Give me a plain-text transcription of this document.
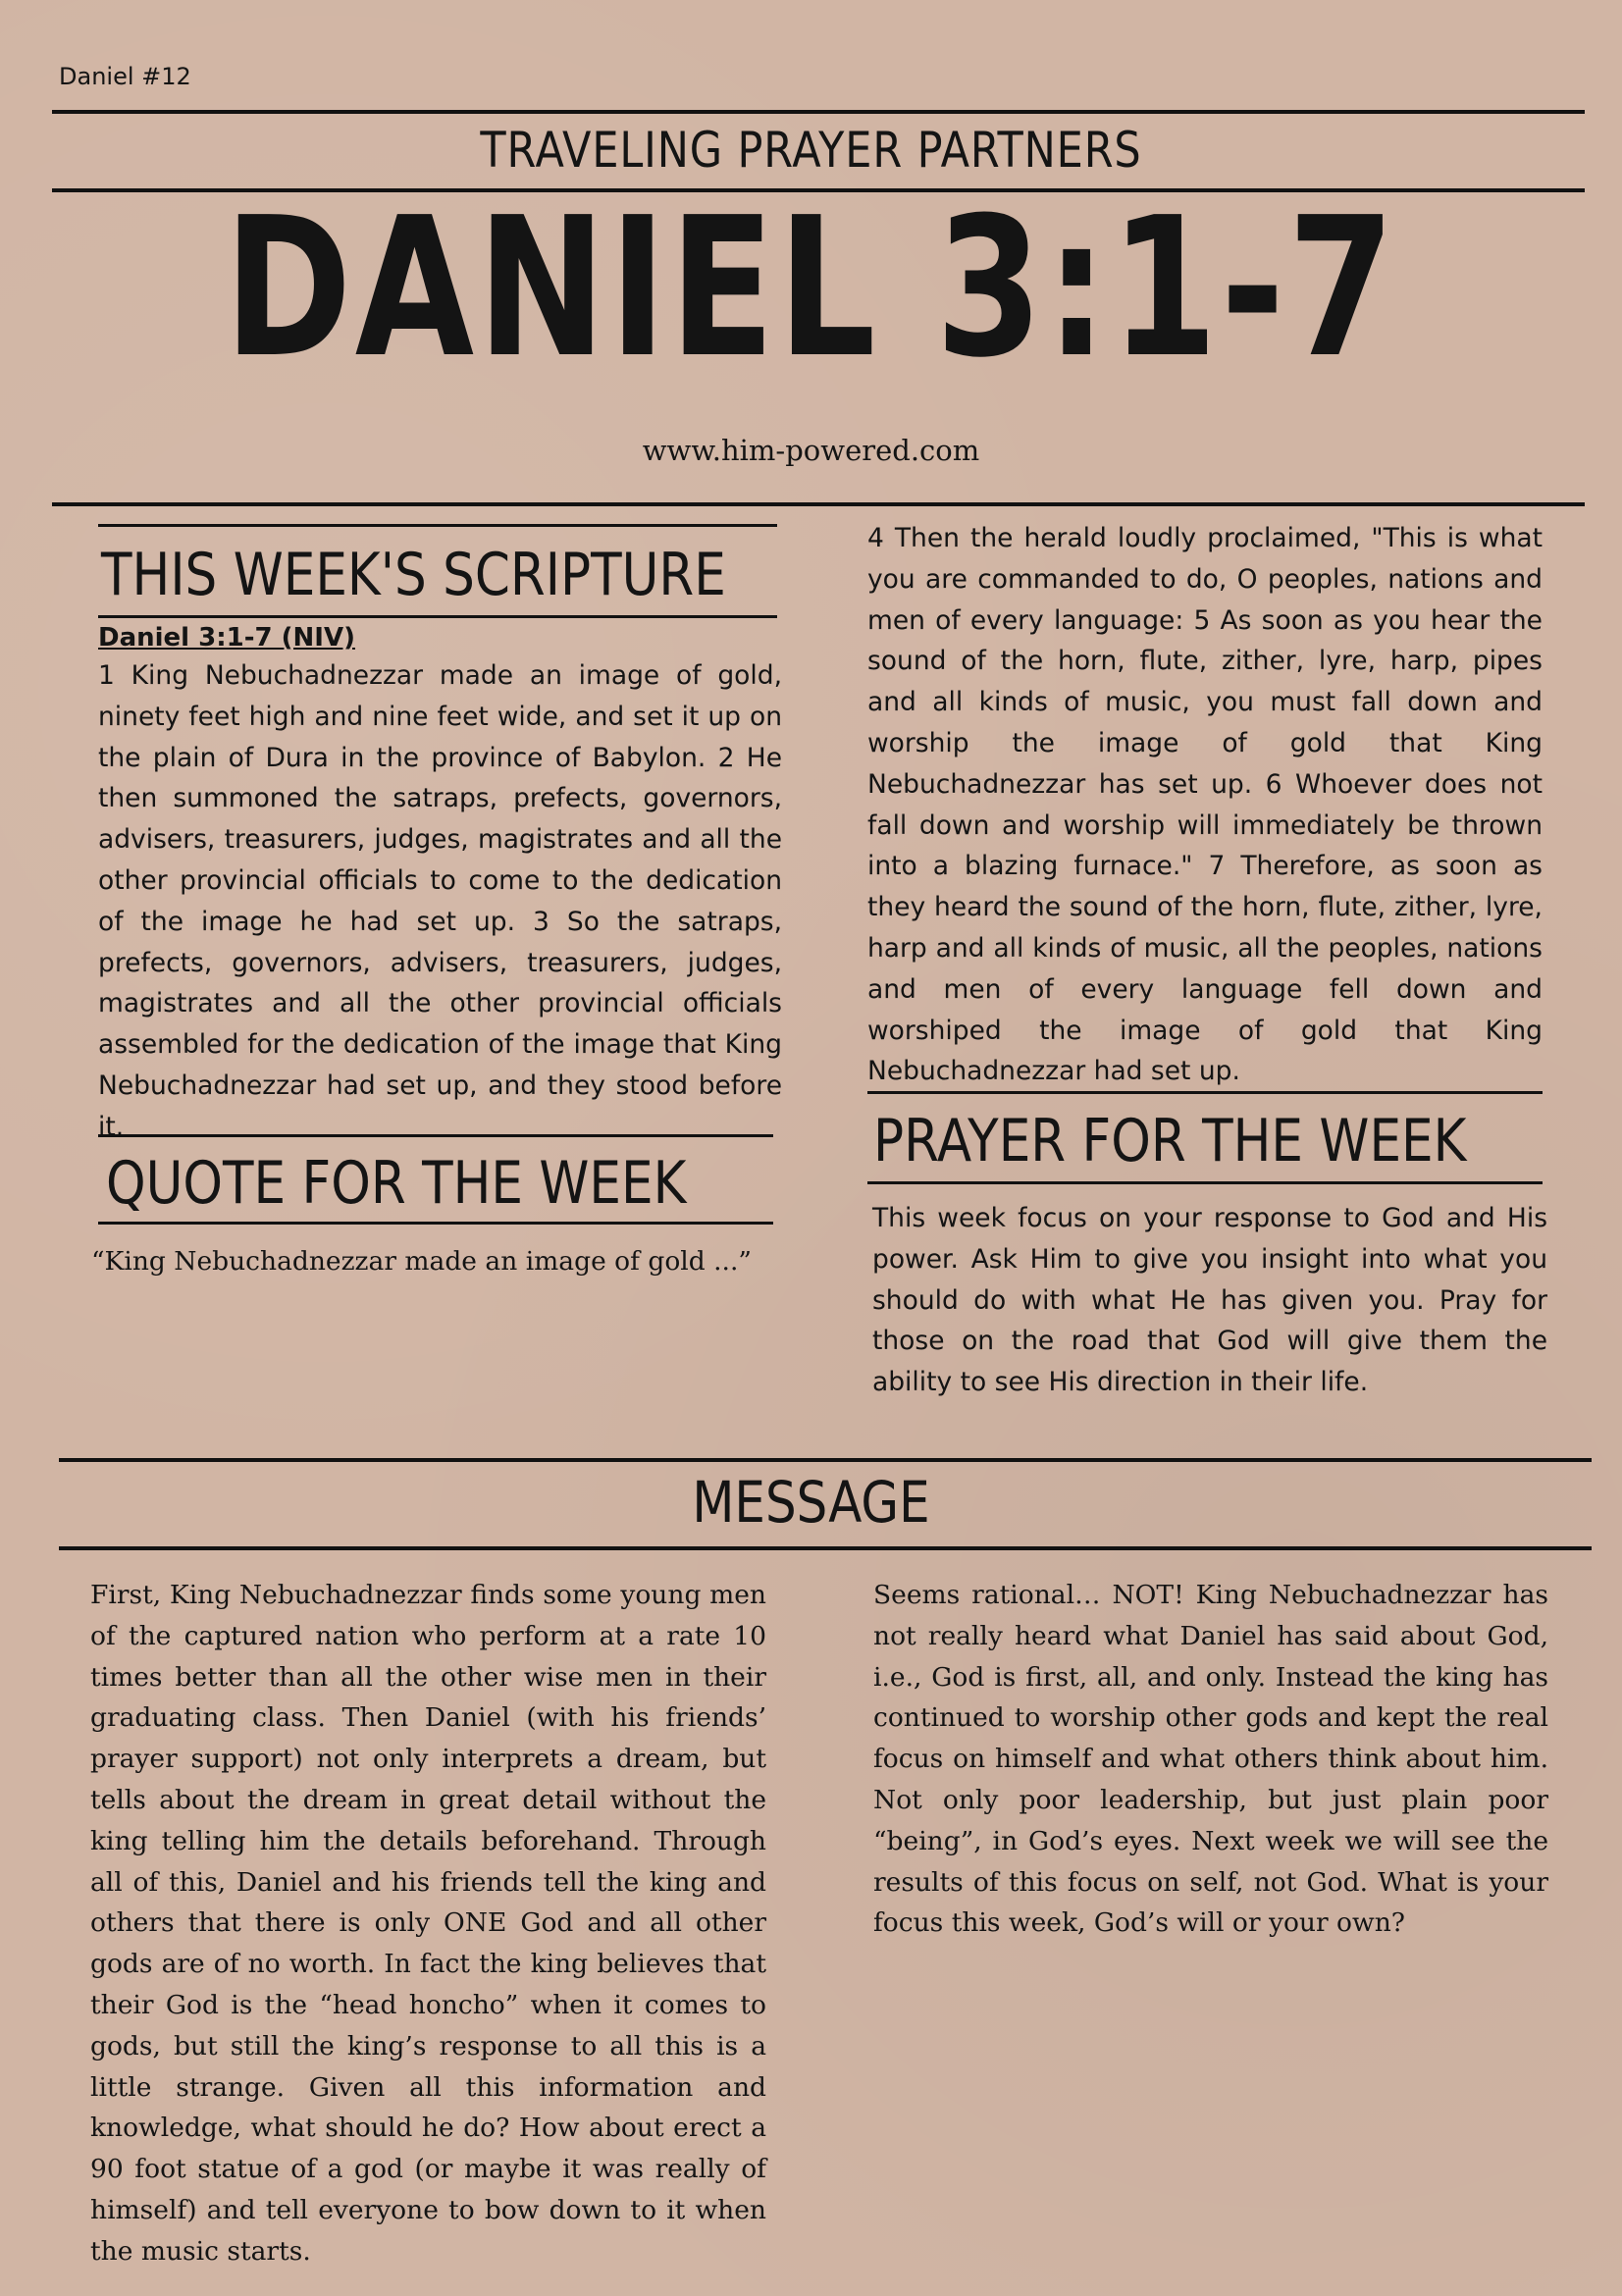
Daniel #12
TRAVELING PRAYER PARTNERS
DANIEL 3:1-7
www.him-powered.com
THIS WEEK'S SCRIPTURE
Daniel 3:1-7 (NIV)
1 King Nebuchadnezzar made an image of gold, ninety feet high and nine feet wide, and set it up on the plain of Dura in the province of Babylon. 2 He then summoned the satraps, prefects, governors, advisers, treasurers, judges, magistrates and all the other provincial officials to come to the dedication of the image he had set up. 3 So the satraps, prefects, governors, advisers, treasurers, judges, magistrates and all the other provincial officials assembled for the dedication of the image that King Nebuchadnezzar had set up, and they stood before it.
4 Then the herald loudly proclaimed, "This is what you are commanded to do, O peoples, nations and men of every language: 5 As soon as you hear the sound of the horn, flute, zither, lyre, harp, pipes and all kinds of music, you must fall down and worship the image of gold that King Nebuchadnezzar has set up. 6 Whoever does not fall down and worship will immediately be thrown into a blazing furnace." 7 Therefore, as soon as they heard the sound of the horn, flute, zither, lyre, harp and all kinds of music, all the peoples, nations and men of every language fell down and worshiped the image of gold that King Nebuchadnezzar had set up.
QUOTE FOR THE WEEK
“King Nebuchadnezzar made an image of gold ...”
PRAYER FOR THE WEEK
This week focus on your response to God and His power. Ask Him to give you insight into what you should do with what He has given you. Pray for those on the road that God will give them the ability to see His direction in their life.
MESSAGE
First, King Nebuchadnezzar finds some young men of the captured nation who perform at a rate 10 times better than all the other wise men in their graduating class. Then Daniel (with his friends’ prayer support) not only interprets a dream, but tells about the dream in great detail without the king telling him the details beforehand. Through all of this, Daniel and his friends tell the king and others that there is only ONE God and all other gods are of no worth. In fact the king believes that their God is the “head honcho” when it comes to gods, but still the king’s response to all this is a little strange. Given all this information and knowledge, what should he do? How about erect a 90 foot statue of a god (or maybe it was really of himself) and tell everyone to bow down to it when the music starts.
Seems rational… NOT! King Nebuchadnezzar has not really heard what Daniel has said about God, i.e., God is first, all, and only. Instead the king has continued to worship other gods and kept the real focus on himself and what others think about him. Not only poor leadership, but just plain poor “being”, in God’s eyes. Next week we will see the results of this focus on self, not God. What is your focus this week, God’s will or your own?
